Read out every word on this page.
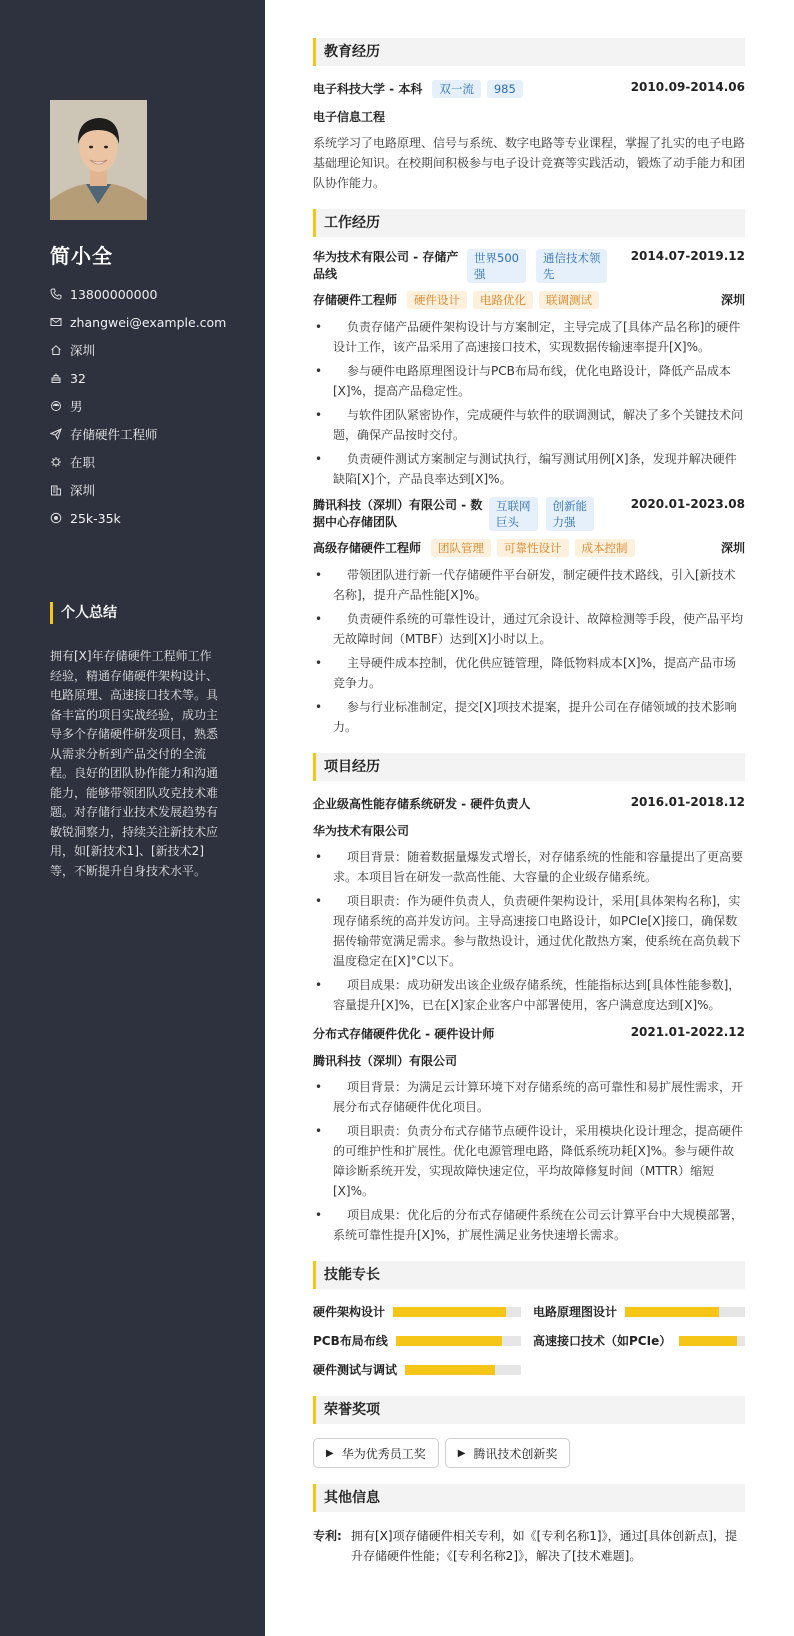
简小全
13800000000
zhangwei@example.com
深圳
32
男
存储硬件工程师
在职
深圳
25k-35k
个人总结
拥有[X]年存储硬件工程师工作经验，精通存储硬件架构设计、电路原理、高速接口技术等。具备丰富的项目实战经验，成功主导多个存储硬件研发项目，熟悉从需求分析到产品交付的全流程。良好的团队协作能力和沟通能力，能够带领团队攻克技术难题。对存储行业技术发展趋势有敏锐洞察力，持续关注新技术应用，如[新技术1]、[新技术2]等，不断提升自身技术水平。
教育经历
电子科技大学 - 本科	双一流	985	2010.09-2014.06
电子信息工程
系统学习了电路原理、信号与系统、数字电路等专业课程，掌握了扎实的电子电路基础理论知识。在校期间积极参与电子设计竞赛等实践活动，锻炼了动手能力和团队协作能力。
工作经历
华为技术有限公司 - 存储产
品线
世界500
强
通信技术领
先
2014.07-2019.12
存储硬件工程师	硬件设计	电路优化	联调测试	深圳
• 负责存储产品硬件架构设计与方案制定，主导完成了[具体产品名称]的硬件设计工作，该产品采用了高速接口技术，实现数据传输速率提升[X]%。
• 参与硬件电路原理图设计与PCB布局布线，优化电路设计，降低产品成本[X]%，提高产品稳定性。
• 与软件团队紧密协作，完成硬件与软件的联调测试，解决了多个关键技术问题，确保产品按时交付。
• 负责硬件测试方案制定与测试执行，编写测试用例[X]条，发现并解决硬件缺陷[X]个，产品良率达到[X]%。
腾讯科技（深圳）有限公司 - 数
据中心存储团队
互联网
巨头
创新能
力强
2020.01-2023.08
高级存储硬件工程师	团队管理	可靠性设计	成本控制	深圳
• 带领团队进行新一代存储硬件平台研发，制定硬件技术路线，引入[新技术名称]，提升产品性能[X]%。
• 负责硬件系统的可靠性设计，通过冗余设计、故障检测等手段，使产品平均无故障时间（MTBF）达到[X]小时以上。
• 主导硬件成本控制，优化供应链管理，降低物料成本[X]%，提高产品市场竞争力。
• 参与行业标准制定，提交[X]项技术提案，提升公司在存储领域的技术影响力。
项目经历
企业级高性能存储系统研发 - 硬件负责人	2016.01-2018.12
华为技术有限公司
• 项目背景：随着数据量爆发式增长，对存储系统的性能和容量提出了更高要求。本项目旨在研发一款高性能、大容量的企业级存储系统。
• 项目职责：作为硬件负责人，负责硬件架构设计，采用[具体架构名称]，实现存储系统的高并发访问。主导高速接口电路设计，如PCIe[X]接口，确保数据传输带宽满足需求。参与散热设计，通过优化散热方案，使系统在高负载下温度稳定在[X]°C以下。
• 项目成果：成功研发出该企业级存储系统，性能指标达到[具体性能参数]，容量提升[X]%，已在[X]家企业客户中部署使用，客户满意度达到[X]%。
分布式存储硬件优化 - 硬件设计师	2021.01-2022.12
腾讯科技（深圳）有限公司
• 项目背景：为满足云计算环境下对存储系统的高可靠性和易扩展性需求，开展分布式存储硬件优化项目。
• 项目职责：负责分布式存储节点硬件设计，采用模块化设计理念，提高硬件的可维护性和扩展性。优化电源管理电路，降低系统功耗[X]%。参与硬件故障诊断系统开发，实现故障快速定位，平均故障修复时间（MTTR）缩短[X]%。
• 项目成果：优化后的分布式存储硬件系统在公司云计算平台中大规模部署，系统可靠性提升[X]%，扩展性满足业务快速增长需求。
技能专长
硬件架构设计	电路原理图设计
PCB布局布线	高速接口技术（如PCIe）
硬件测试与调试
荣誉奖项
▶ 华为优秀员工奖	▶ 腾讯技术创新奖
其他信息
专利: 拥有[X]项存储硬件相关专利，如《[专利名称1]》，通过[具体创新点]，提升存储硬件性能；《[专利名称2]》，解决了[技术难题]。
